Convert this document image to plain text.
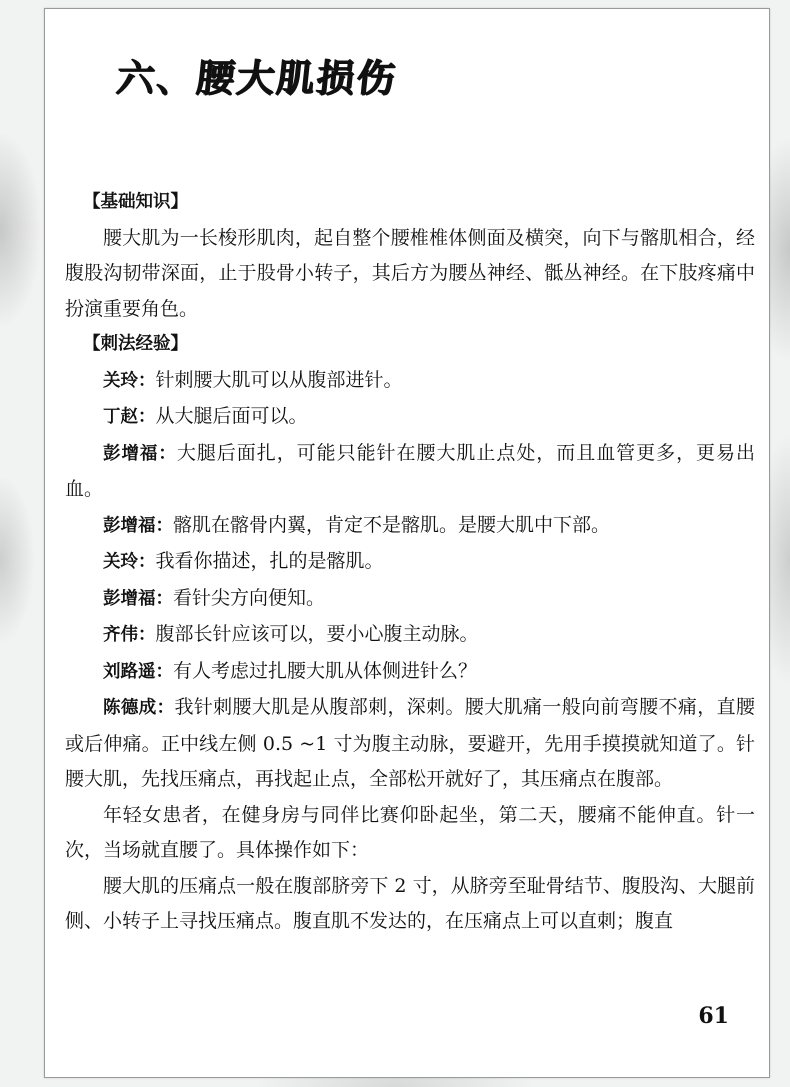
六、腰大肌损伤

【基础知识】

腰大肌为一长梭形肌肉，起自整个腰椎椎体侧面及横突，向下与髂肌相合，经腹股沟韧带深面，止于股骨小转子，其后方为腰丛神经、骶丛神经。在下肢疼痛中扮演重要角色。

【刺法经验】

关玲：针刺腰大肌可以从腹部进针。

丁赵：从大腿后面可以。

彭增福：大腿后面扎，可能只能针在腰大肌止点处，而且血管更多，更易出血。

彭增福：髂肌在髂骨内翼，肯定不是髂肌。是腰大肌中下部。

关玲：我看你描述，扎的是髂肌。

彭增福：看针尖方向便知。

齐伟：腹部长针应该可以，要小心腹主动脉。

刘路遥：有人考虑过扎腰大肌从体侧进针么？

陈德成：我针刺腰大肌是从腹部刺，深刺。腰大肌痛一般向前弯腰不痛，直腰或后伸痛。正中线左侧 0.5 ~1 寸为腹主动脉，要避开，先用手摸摸就知道了。针腰大肌，先找压痛点，再找起止点，全部松开就好了，其压痛点在腹部。

年轻女患者，在健身房与同伴比赛仰卧起坐，第二天，腰痛不能伸直。针一次，当场就直腰了。具体操作如下：

腰大肌的压痛点一般在腹部脐旁下 2 寸，从脐旁至耻骨结节、腹股沟、大腿前侧、小转子上寻找压痛点。腹直肌不发达的，在压痛点上可以直刺；腹直

61
